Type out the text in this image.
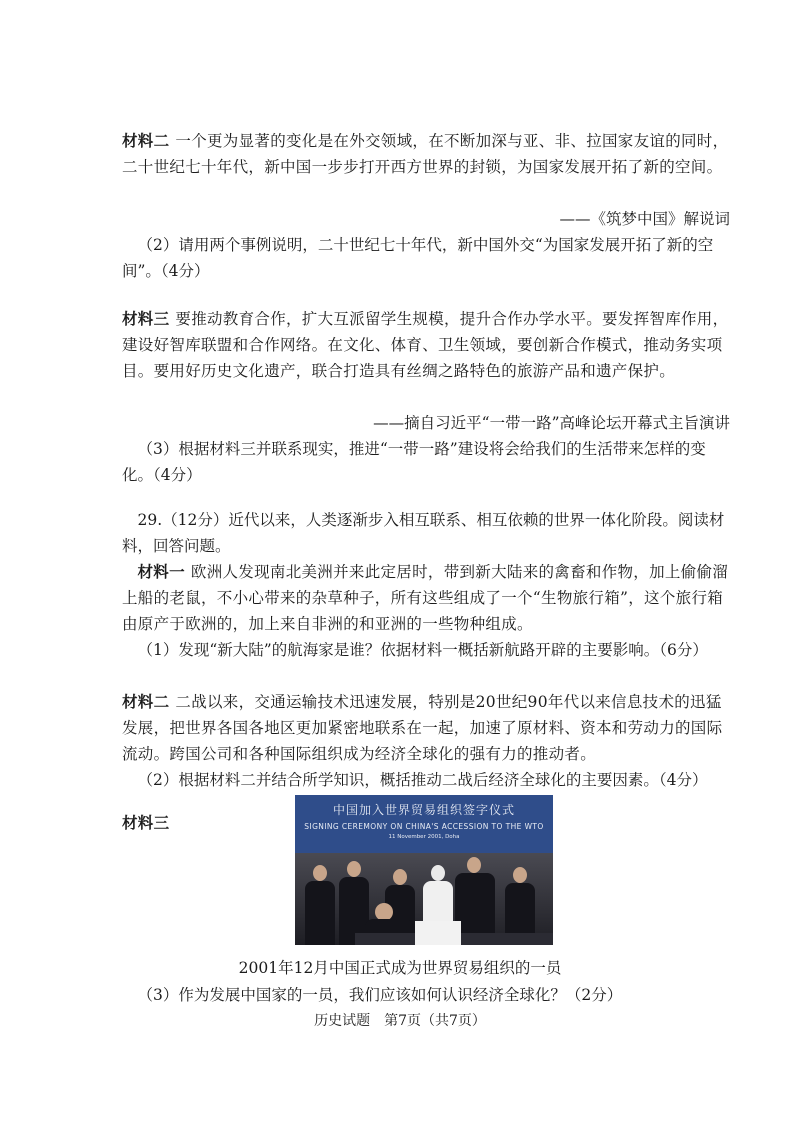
材料二 一个更为显著的变化是在外交领域，在不断加深与亚、非、拉国家友谊的同时，二十世纪七十年代，新中国一步步打开西方世界的封锁，为国家发展开拓了新的空间。

——《筑梦中国》解说词

（2）请用两个事例说明，二十世纪七十年代，新中国外交“为国家发展开拓了新的空间”。（4分）

材料三 要推动教育合作，扩大互派留学生规模，提升合作办学水平。要发挥智库作用，建设好智库联盟和合作网络。在文化、体育、卫生领域，要创新合作模式，推动务实项目。要用好历史文化遗产，联合打造具有丝绸之路特色的旅游产品和遗产保护。

——摘自习近平“一带一路”高峰论坛开幕式主旨演讲

（3）根据材料三并联系现实，推进“一带一路”建设将会给我们的生活带来怎样的变化。（4分）

29.（12分）近代以来，人类逐渐步入相互联系、相互依赖的世界一体化阶段。阅读材料，回答问题。

材料一 欧洲人发现南北美洲并来此定居时，带到新大陆来的禽畜和作物，加上偷偷溜上船的老鼠，不小心带来的杂草种子，所有这些组成了一个“生物旅行箱”，这个旅行箱由原产于欧洲的，加上来自非洲的和亚洲的一些物种组成。

（1）发现“新大陆”的航海家是谁？依据材料一概括新航路开辟的主要影响。（6分）

材料二 二战以来，交通运输技术迅速发展，特别是20世纪90年代以来信息技术的迅猛发展，把世界各国各地区更加紧密地联系在一起，加速了原材料、资本和劳动力的国际流动。跨国公司和各种国际组织成为经济全球化的强有力的推动者。

（2）根据材料二并结合所学知识，概括推动二战后经济全球化的主要因素。（4分）

材料三
中国加入世界贸易组织签字仪式
SIGNING CEREMONY ON CHINA'S ACCESSION TO THE WTO
11 November 2001, Doha
2001年12月中国正式成为世界贸易组织的一员

（3）作为发展中国家的一员，我们应该如何认识经济全球化？（2分）

历史试题　第7页（共7页）
